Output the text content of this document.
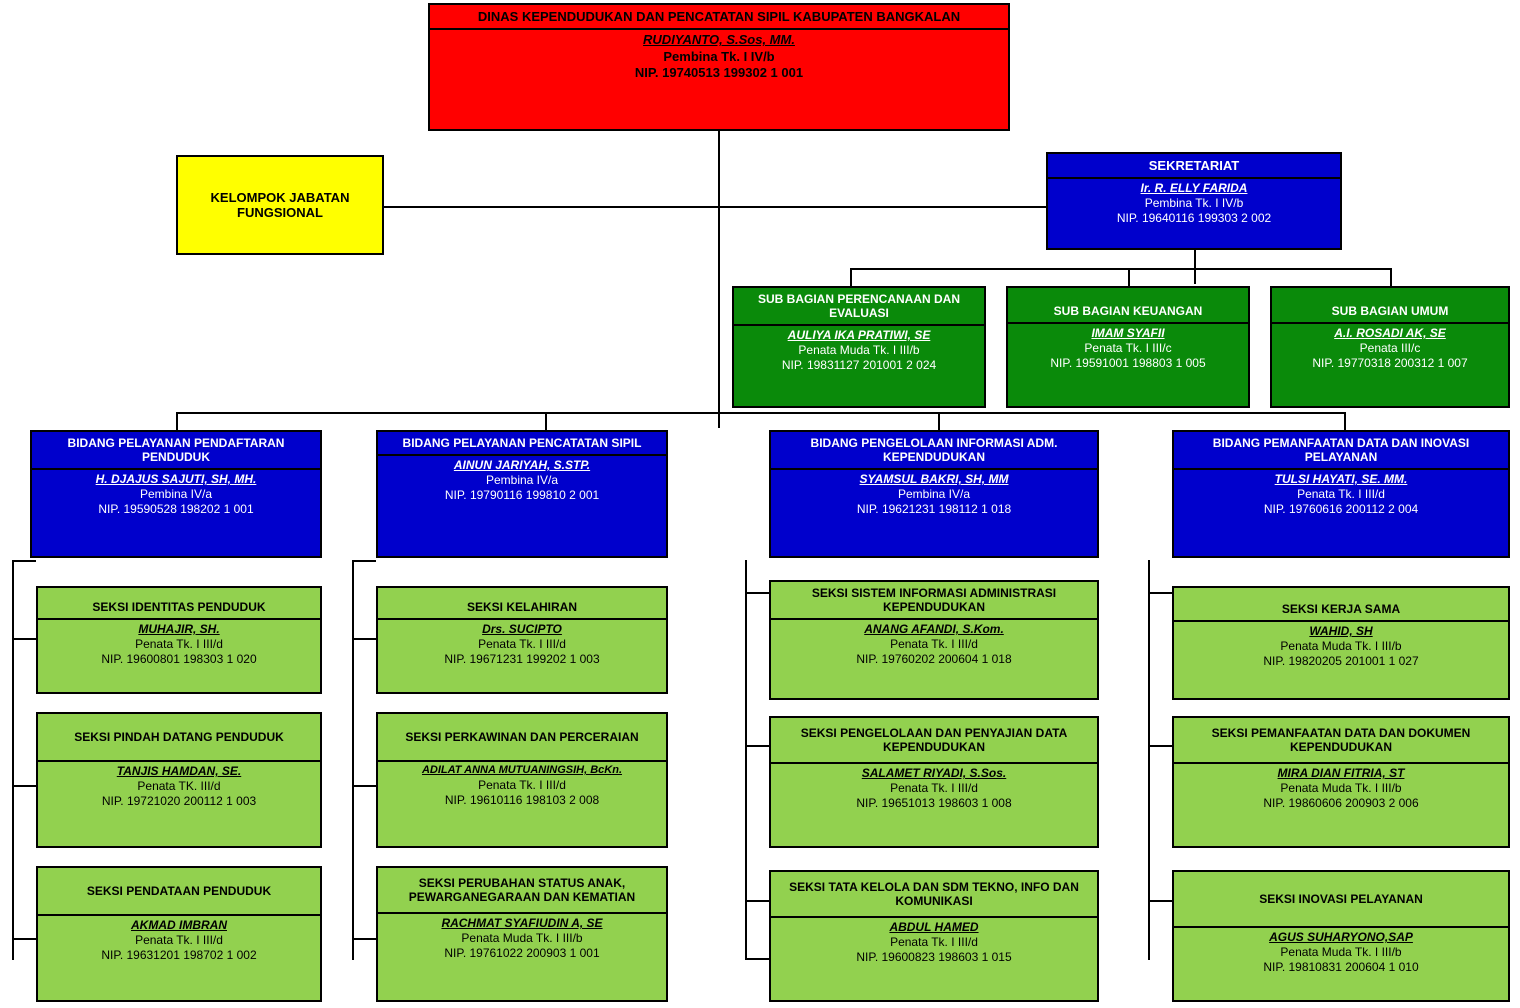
DINAS KEPENDUDUKAN DAN PENCATATAN SIPIL KABUPATEN BANGKALAN
RUDIYANTO, S.Sos, MM.
Pembina Tk. I IV/b
NIP. 19740513 199302 1 001
KELOMPOK JABATAN FUNGSIONAL
SEKRETARIAT
Ir. R. ELLY FARIDA
Pembina Tk. I IV/b
NIP. 19640116 199303 2 002
SUB BAGIAN PERENCANAAN DAN EVALUASI
AULIYA IKA PRATIWI, SE
Penata Muda Tk. I III/b
NIP. 19831127 201001 2 024
SUB BAGIAN KEUANGAN
IMAM SYAFII
Penata Tk. I III/c
NIP. 19591001 198803 1 005
SUB BAGIAN UMUM
A.I. ROSADI AK, SE
Penata III/c
NIP. 19770318 200312 1 007
BIDANG PELAYANAN PENDAFTARAN PENDUDUK
H. DJAJUS SAJUTI, SH, MH.
Pembina IV/a
NIP. 19590528 198202 1 001
BIDANG PELAYANAN PENCATATAN SIPIL
AINUN JARIYAH, S.STP.
Pembina IV/a
NIP. 19790116 199810 2 001
BIDANG PENGELOLAAN INFORMASI ADM. KEPENDUDUKAN
SYAMSUL BAKRI, SH, MM
Pembina IV/a
NIP. 19621231 198112 1 018
BIDANG PEMANFAATAN DATA DAN INOVASI PELAYANAN
TULSI HAYATI, SE. MM.
Penata Tk. I III/d
NIP. 19760616 200112 2 004
SEKSI IDENTITAS PENDUDUK
MUHAJIR, SH.
Penata Tk. I III/d
NIP. 19600801 198303 1 020
SEKSI PINDAH DATANG PENDUDUK
TANJIS HAMDAN, SE.
Penata TK. III/d
NIP. 19721020 200112 1 003
SEKSI PENDATAAN PENDUDUK
AKMAD IMBRAN
Penata Tk. I III/d
NIP. 19631201 198702 1 002
SEKSI KELAHIRAN
Drs. SUCIPTO
Penata Tk. I III/d
NIP. 19671231 199202 1 003
SEKSI PERKAWINAN DAN PERCERAIAN
ADILAT ANNA MUTUANINGSIH, BcKn.
Penata Tk. I III/d
NIP. 19610116 198103 2 008
SEKSI PERUBAHAN STATUS ANAK, PEWARGANEGARAAN DAN KEMATIAN
RACHMAT SYAFIUDIN A, SE
Penata Muda Tk. I III/b
NIP. 19761022 200903 1 001
SEKSI SISTEM INFORMASI ADMINISTRASI KEPENDUDUKAN
ANANG AFANDI, S.Kom.
Penata Tk. I III/d
NIP. 19760202 200604 1 018
SEKSI PENGELOLAAN DAN PENYAJIAN DATA KEPENDUDUKAN
SALAMET RIYADI, S.Sos.
Penata Tk. I III/d
NIP. 19651013 198603 1 008
SEKSI TATA KELOLA DAN SDM TEKNO, INFO DAN KOMUNIKASI
ABDUL HAMED
Penata Tk. I III/d
NIP. 19600823 198603 1 015
SEKSI KERJA SAMA
WAHID, SH
Penata Muda Tk. I III/b
NIP. 19820205 201001 1 027
SEKSI PEMANFAATAN DATA DAN DOKUMEN KEPENDUDUKAN
MIRA DIAN FITRIA, ST
Penata Muda Tk. I III/b
NIP. 19860606 200903 2 006
SEKSI INOVASI PELAYANAN
AGUS SUHARYONO,SAP
Penata Muda Tk. I III/b
NIP. 19810831 200604 1 010
